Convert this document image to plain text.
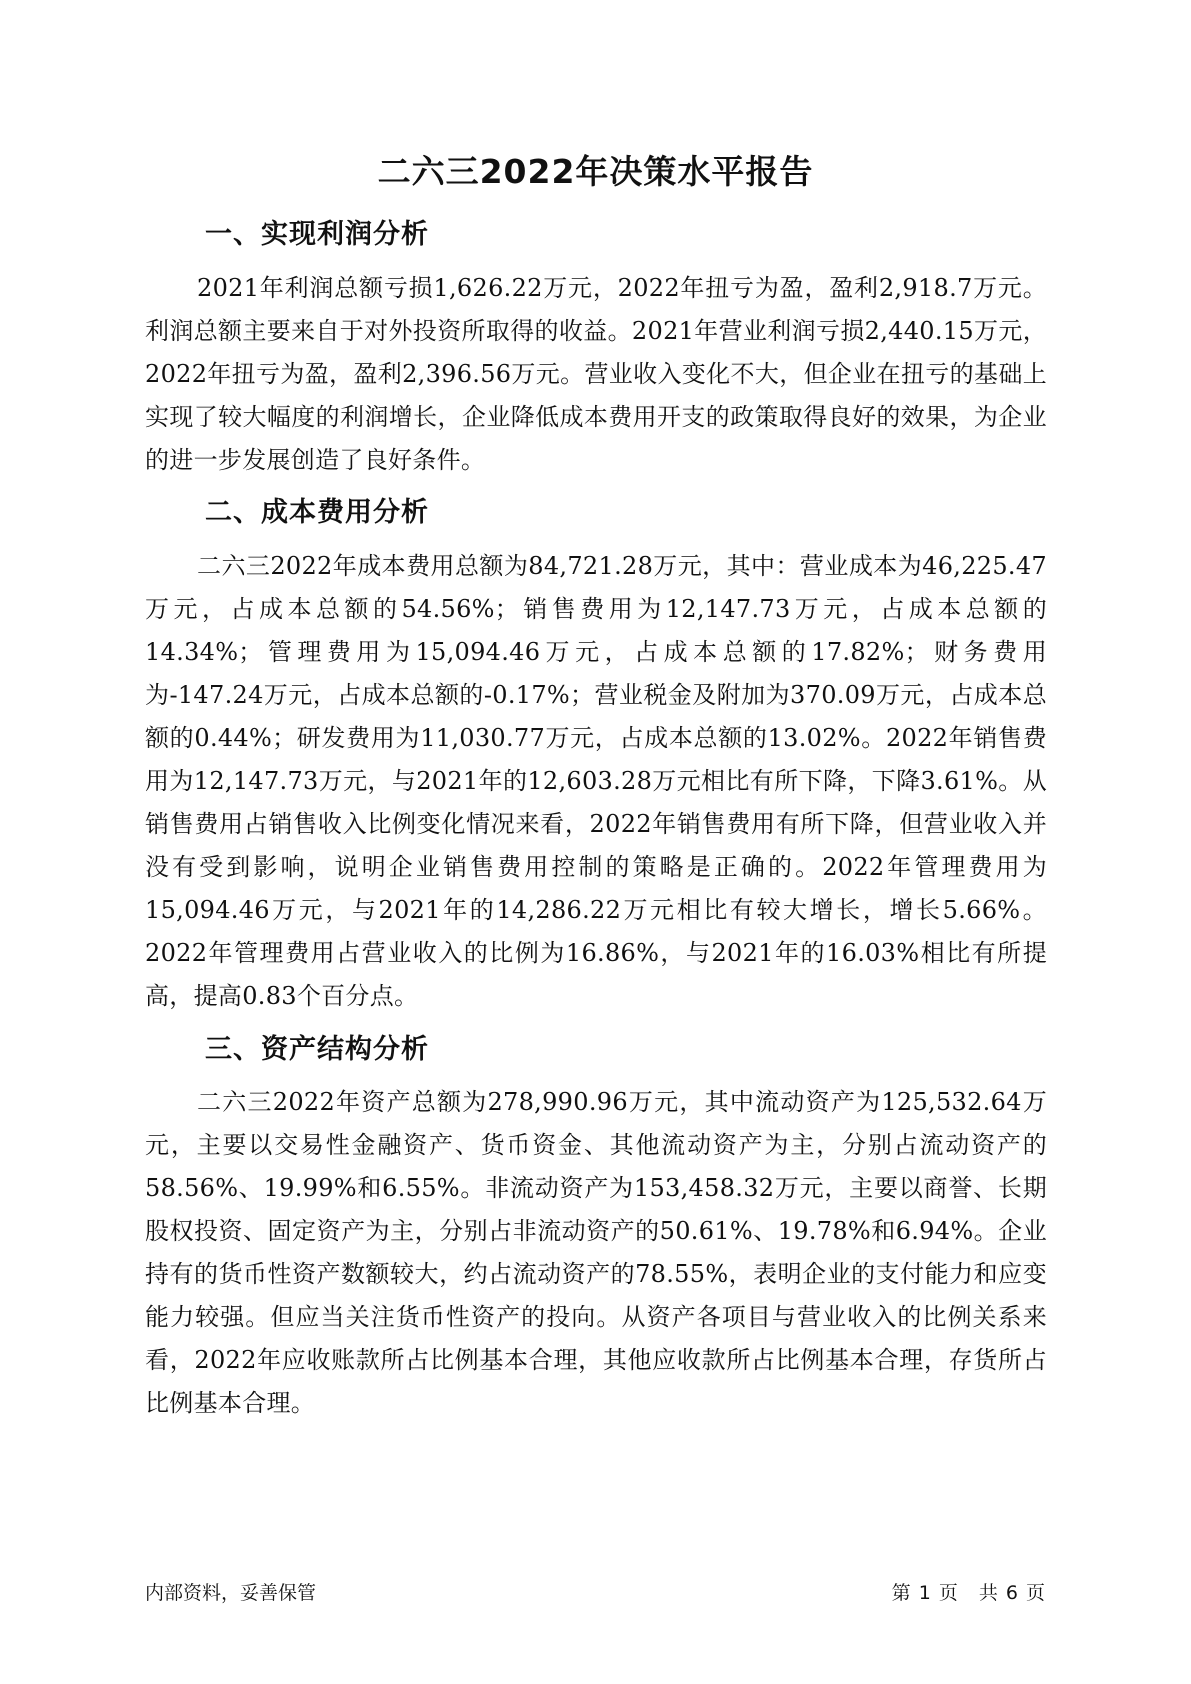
二六三2022年决策水平报告
一、实现利润分析

2021年利润总额亏损1,626.22万元，2022年扭亏为盈，盈利2,918.7万元。利润总额主要来自于对外投资所取得的收益。2021年营业利润亏损2,440.15万元，2022年扭亏为盈，盈利2,396.56万元。营业收入变化不大，但企业在扭亏的基础上实现了较大幅度的利润增长，企业降低成本费用开支的政策取得良好的效果，为企业的进一步发展创造了良好条件。

二、成本费用分析

二六三2022年成本费用总额为84,721.28万元，其中：营业成本为46,225.47万元，占成本总额的54.56%；销售费用为12,147.73万元，占成本总额的14.34%；管理费用为15,094.46万元，占成本总额的17.82%；财务费用为-147.24万元，占成本总额的-0.17%；营业税金及附加为370.09万元，占成本总额的0.44%；研发费用为11,030.77万元，占成本总额的13.02%。2022年销售费用为12,147.73万元，与2021年的12,603.28万元相比有所下降，下降3.61%。从销售费用占销售收入比例变化情况来看，2022年销售费用有所下降，但营业收入并没有受到影响，说明企业销售费用控制的策略是正确的。2022年管理费用为15,094.46万元，与2021年的14,286.22万元相比有较大增长，增长5.66%。2022年管理费用占营业收入的比例为16.86%，与2021年的16.03%相比有所提高，提高0.83个百分点。

三、资产结构分析

二六三2022年资产总额为278,990.96万元，其中流动资产为125,532.64万元，主要以交易性金融资产、货币资金、其他流动资产为主，分别占流动资产的58.56%、19.99%和6.55%。非流动资产为153,458.32万元，主要以商誉、长期股权投资、固定资产为主，分别占非流动资产的50.61%、19.78%和6.94%。企业持有的货币性资产数额较大，约占流动资产的78.55%，表明企业的支付能力和应变能力较强。但应当关注货币性资产的投向。从资产各项目与营业收入的比例关系来看，2022年应收账款所占比例基本合理，其他应收款所占比例基本合理，存货所占比例基本合理。

内部资料，妥善保管	第 1 页　共 6 页
